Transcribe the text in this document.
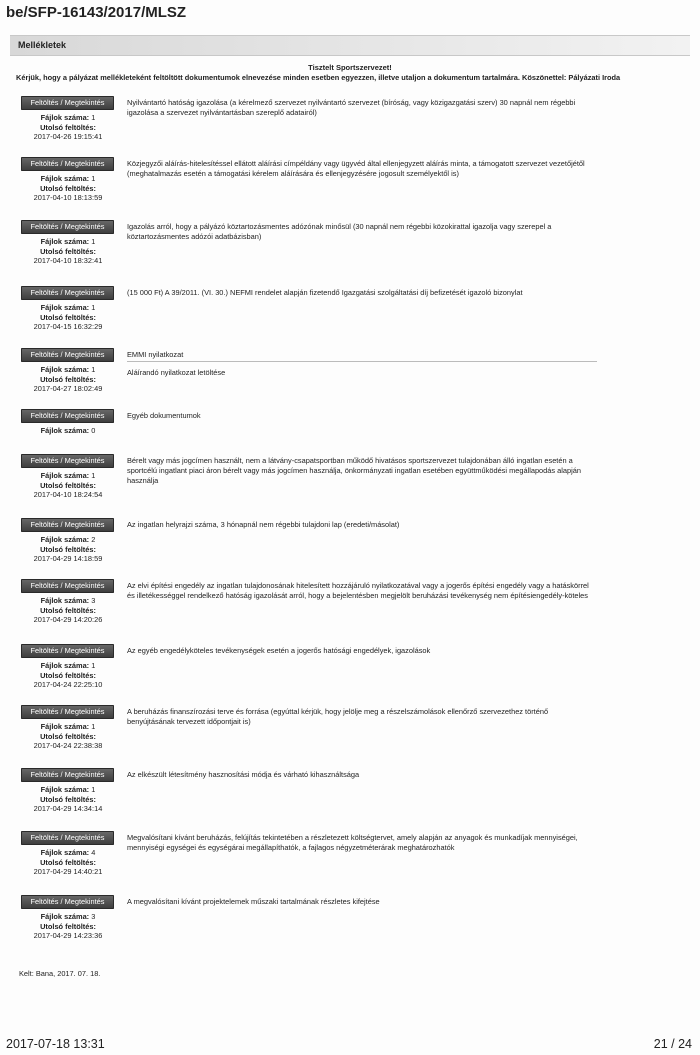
be/SFP-16143/2017/MLSZ
Mellékletek
Tisztelt Sportszervezet!
Kérjük, hogy a pályázat mellékleteként feltöltött dokumentumok elnevezése minden esetben egyezzen, illetve utaljon a dokumentum tartalmára. Köszönettel: Pályázati Iroda
Feltöltés / Megtekintés
Fájlok száma: 1
Utolsó feltöltés:
2017-04-26 19:15:41
Nyilvántartó hatóság igazolása (a kérelmező szervezet nyilvántartó szervezet (bíróság, vagy közigazgatási szerv) 30 napnál nem régebbi igazolása a szervezet nyilvántartásban szereplő adatairól)
Feltöltés / Megtekintés
Fájlok száma: 1
Utolsó feltöltés:
2017-04-10 18:13:59
Közjegyzői aláírás-hitelesítéssel ellátott aláírási címpéldány vagy ügyvéd által ellenjegyzett aláírás minta, a támogatott szervezet vezetőjétől (meghatalmazás esetén a támogatási kérelem aláírására és ellenjegyzésére jogosult személyektől is)
Feltöltés / Megtekintés
Fájlok száma: 1
Utolsó feltöltés:
2017-04-10 18:32:41
Igazolás arról, hogy a pályázó köztartozásmentes adózónak minősül (30 napnál nem régebbi közokirattal igazolja vagy szerepel a köztartozásmentes adózói adatbázisban)
Feltöltés / Megtekintés
Fájlok száma: 1
Utolsó feltöltés:
2017-04-15 16:32:29
(15 000 Ft) A 39/2011. (VI. 30.) NEFMI rendelet alapján fizetendő Igazgatási szolgáltatási díj befizetését igazoló bizonylat
Feltöltés / Megtekintés
Fájlok száma: 1
Utolsó feltöltés:
2017-04-27 18:02:49
EMMI nyilatkozat
Aláírandó nyilatkozat letöltése
Feltöltés / Megtekintés
Fájlok száma: 0
Egyéb dokumentumok
Feltöltés / Megtekintés
Fájlok száma: 1
Utolsó feltöltés:
2017-04-10 18:24:54
Bérelt vagy más jogcímen használt, nem a látvány-csapatsportban működő hivatásos sportszervezet tulajdonában álló ingatlan esetén a sportcélú ingatlant piaci áron bérelt vagy más jogcímen használja, önkormányzati ingatlan esetében együttműködési megállapodás alapján használja
Feltöltés / Megtekintés
Fájlok száma: 2
Utolsó feltöltés:
2017-04-29 14:18:59
Az ingatlan helyrajzi száma, 3 hónapnál nem régebbi tulajdoni lap (eredeti/másolat)
Feltöltés / Megtekintés
Fájlok száma: 3
Utolsó feltöltés:
2017-04-29 14:20:26
Az elvi építési engedély az ingatlan tulajdonosának hitelesített hozzájáruló nyilatkozatával vagy a jogerős építési engedély vagy a hatáskörrel és illetékességgel rendelkező hatóság igazolását arról, hogy a bejelentésben megjelölt beruházási tevékenység nem építésiengedély-köteles
Feltöltés / Megtekintés
Fájlok száma: 1
Utolsó feltöltés:
2017-04-24 22:25:10
Az egyéb engedélyköteles tevékenységek esetén a jogerős hatósági engedélyek, igazolások
Feltöltés / Megtekintés
Fájlok száma: 1
Utolsó feltöltés:
2017-04-24 22:38:38
A beruházás finanszírozási terve és forrása (egyúttal kérjük, hogy jelölje meg a részelszámolások ellenőrző szervezethez történő benyújtásának tervezett időpontjait is)
Feltöltés / Megtekintés
Fájlok száma: 1
Utolsó feltöltés:
2017-04-29 14:34:14
Az elkészült létesítmény hasznosítási módja és várható kihasználtsága
Feltöltés / Megtekintés
Fájlok száma: 4
Utolsó feltöltés:
2017-04-29 14:40:21
Megvalósítani kívánt beruházás, felújítás tekintetében a részletezett költségtervet, amely alapján az anyagok és munkadíjak mennyiségei, mennyiségi egységei és egységárai megállapíthatók, a fajlagos négyzetméterárak meghatározhatók
Feltöltés / Megtekintés
Fájlok száma: 3
Utolsó feltöltés:
2017-04-29 14:23:36
A megvalósítani kívánt projektelemek műszaki tartalmának részletes kifejtése
Kelt: Bana, 2017. 07. 18.
2017-07-18 13:31	21 / 24
